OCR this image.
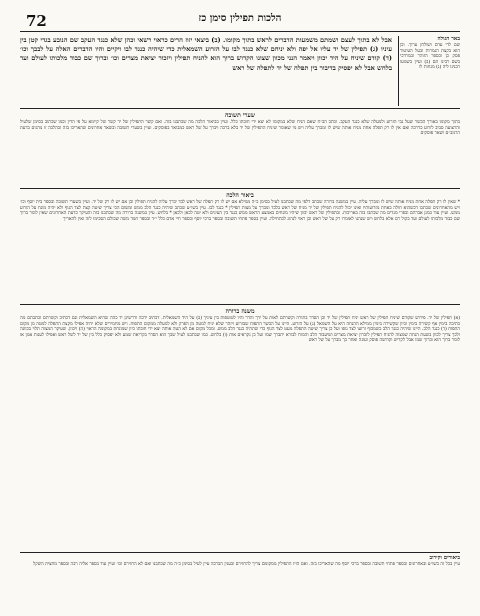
72	הלכות תפילין סימן כז
באר הגולה

שם לדי עדם ושולחן ערוך. וכן הוא בקצת הגמרות ובעל העיטור פסק כן ובספר הזוהר ובמרדכי בשם רבינו תם (ב) ועיין בשמעו רבנינו ליה (ג) מנחות לו

אבל לא בתוך לעצם ושמתם משמעות הדברים לראש בתוך מקומו. (ב) ביצאי יזוז הרים כראוי רשאי וכהן שלא כנגד העקב שם הנובע בגדי קטן בין עיניו (ג) תפילין של יד עליו אל יפה ולא יניחם שלא כנגד לבו על הזרוע השמאלית כדי שיהיה כנגד לבו ויקיים והיו הדברים האלה על לבבך וכו׳ (ד) קודם שיניח על היד יכוון ויאמר הנני מכוון שצונו הקדוש ברוך הוא להניח תפילין ויזכור יציאת מצרים וכו׳ וברוך שם כבוד מלכותו לעולם ועד בלחש אבל לא יפסיק בדיבור בין תפלה של יד לתפלה של ראש

שערי תשובה

בתוך מקומו באורך הבשר שעל גבי הזרוע ולמעלה שלא כנגד העקב. וכתב הב״ח שאם הניח שלא במקומו לא יצא ידי חובתו כלל. ועיין בביאור הלכה מה שכתבנו בזה. ואם קשר התפילין של יד קשר של קיימא על פי הדין וכמו שכתוב בסימן שלעיל והרצועה סביב לזרוע כדרכה ואם אין לו רק תפלה אחת מניח אותה שיש לו ומברך עליה ויש מי שאומר שיניח התפילין של יד בלא ברכה ויברך על של ראש כמבואר בפוסקים. ועיין בשערי תשובה ובשאר אחרונים שהאריכו בזה ובהלכה זו נוהגים כדעת הרמב״ם ושאר פוסקים

ביאור הלכה

* שאין לו רק תפלה אחת מניח אותה שיש לו ומברך עליה. עיין במשנה ברורה שכתב דלפי מה שכתבנו לעיל בסימן כ״ה ממילא אם יש לו רק תפלה של ראש לבד יברך עליה להניח תפילין וכן אם יש לו רק של יד. ועיין בשערי תשובה ובספר בית יוסף וכו׳ ויש מהאחרונים שכתבו דכשהוא חולה באחת מזרועותיו ואינו יכול להניח תפילין של יד מניח של ראש בלבד ומברך על מצות תפילין * כנגד לבו. עיין בשו״ע שכתב שיהיה כנגד הלב ממש ומשום הכי צריך שיטה קצת לצד הגוף ולא יהיה מונח על הזרוע ממש. ועיין עוד במגן אברהם ובפרי מגדים מה שכתבו בזה באריכות. ובתפילין של ראש יכוון שיהיו מונחים באמצע הראש ממש כנגד בין העינים ולא יטה לכאן ולכאן * בלחש. עיין במשנה ברורה מה שכתבנו בזה והעיקר כדעת האחרונים שאין לומר ברוך שם כבוד מלכותו לעולם ועד בקול רם אלא בלחש ויש שנהגו לאומרו רק על של ראש וכן ראוי לנהוג לכתחילה. ועיין בספר פתחי תשובה ובספר ברכי יוסף ובספר חיי אדם כלל י״ד ובספר חמד משה שכולם הסכימו לזה ואין להאריך

משנה ברורה

(א) תפילין של יד. פירוש שקודם שיניח תפילין של ראש יניח תפילין של יד וכן הסדר בתורה וקשרתם לאות על ידך והדר והיו לטוטפות בין עיניך (ב) על היד השמאלית. דכתיב ידכה ודרשינן יד כהה שהיא השמאלית וגם דכתיב וקשרתם וכתבתם מה כתיבה בימין אף קשירה בימין וכיון שקשירה בימין ממילא ההנחה היא על השמאל (ג) על הזרוע. היינו על הבשר התפוח שבזרוע ויזהר שלא יניח למטה מן הפרק ולא למעלה ממקום התפוח. ויש מחמירים שלא יהיה אפילו מקצת התפלה למטה מן מקום התפוח (ד) כנגד הלב. היינו שיהיה כנגד הלב כשמכוף זרועו לצד גופו ועל כן צריך שיטה התפלה מעט לצד הגוף כדי שתהיה כנגד הלב ממש. ומכל מקום אם לא הטה אותה יצא ידי חובתו כיון שמונחת במקומה הראוי (ה) ויכוון. שעיקר המצוה תלוי בכוונה ולכך צריך לכוון בשעת הנחה שמצוה להניח תפילין לזכרון יציאת מצרים ושיעבוד הלב והמוח לבורא יתברך שמו ועל כן נקראים אות (ו) בלחש. כמו שכתבנו לעיל שכך הוא הסדר בקריאת שמע ולא יפסיק כלל בין של יד לשל ראש ואפילו לענות אמן או לומר ברוך הוא וברוך שמו אבל לקדיש וקדושה פוסק ועונה ואחר כך מברך על של ראש

ביאורים וקירוב

עיין בכל זה בשו״ע ובאחרונים ובספר פתחי תשובה ובספר ברכי יוסף מה שהאריכו בזה. ואם הזיז התפילין ממקומם צריך להחזירם ובענין הברכה עיין לעיל בסימן כ״ה מה שכתבנו ואם לא החזירם וכו׳ ועיין עוד בספר אליה רבה ובספר מחצית השקל
